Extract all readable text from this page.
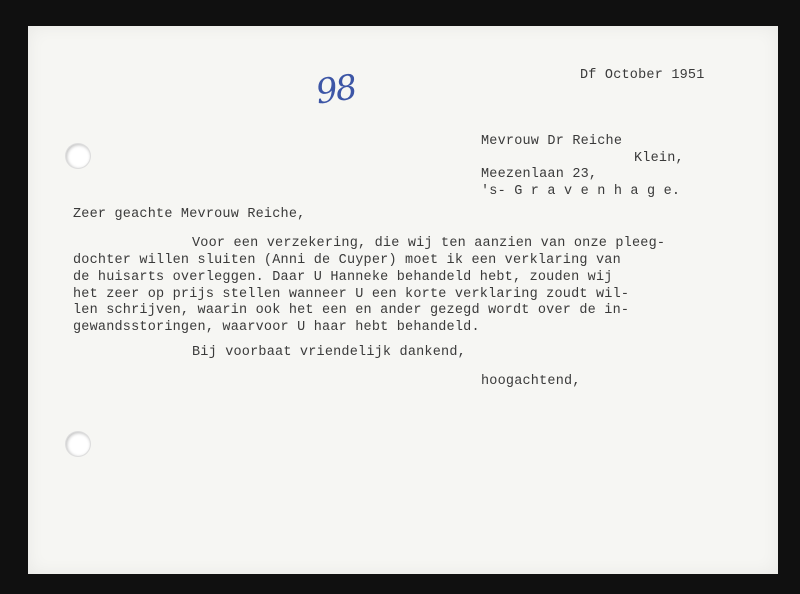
98	Df October 1951

Mevrouw Dr Reiche

Klein,

Meezenlaan 23,

's- G r a v e n h a g e.

Zeer geachte Mevrouw Reiche,

Voor een verzekering, die wij ten aanzien van onze pleeg-

dochter willen sluiten (Anni de Cuyper) moet ik een verklaring van

de huisarts overleggen. Daar U Hanneke behandeld hebt, zouden wij

het zeer op prijs stellen wanneer U een korte verklaring zoudt wil-

len schrijven, waarin ook het een en ander gezegd wordt over de in-

gewandsstoringen, waarvoor U haar hebt behandeld.

Bij voorbaat vriendelijk dankend,

hoogachtend,
